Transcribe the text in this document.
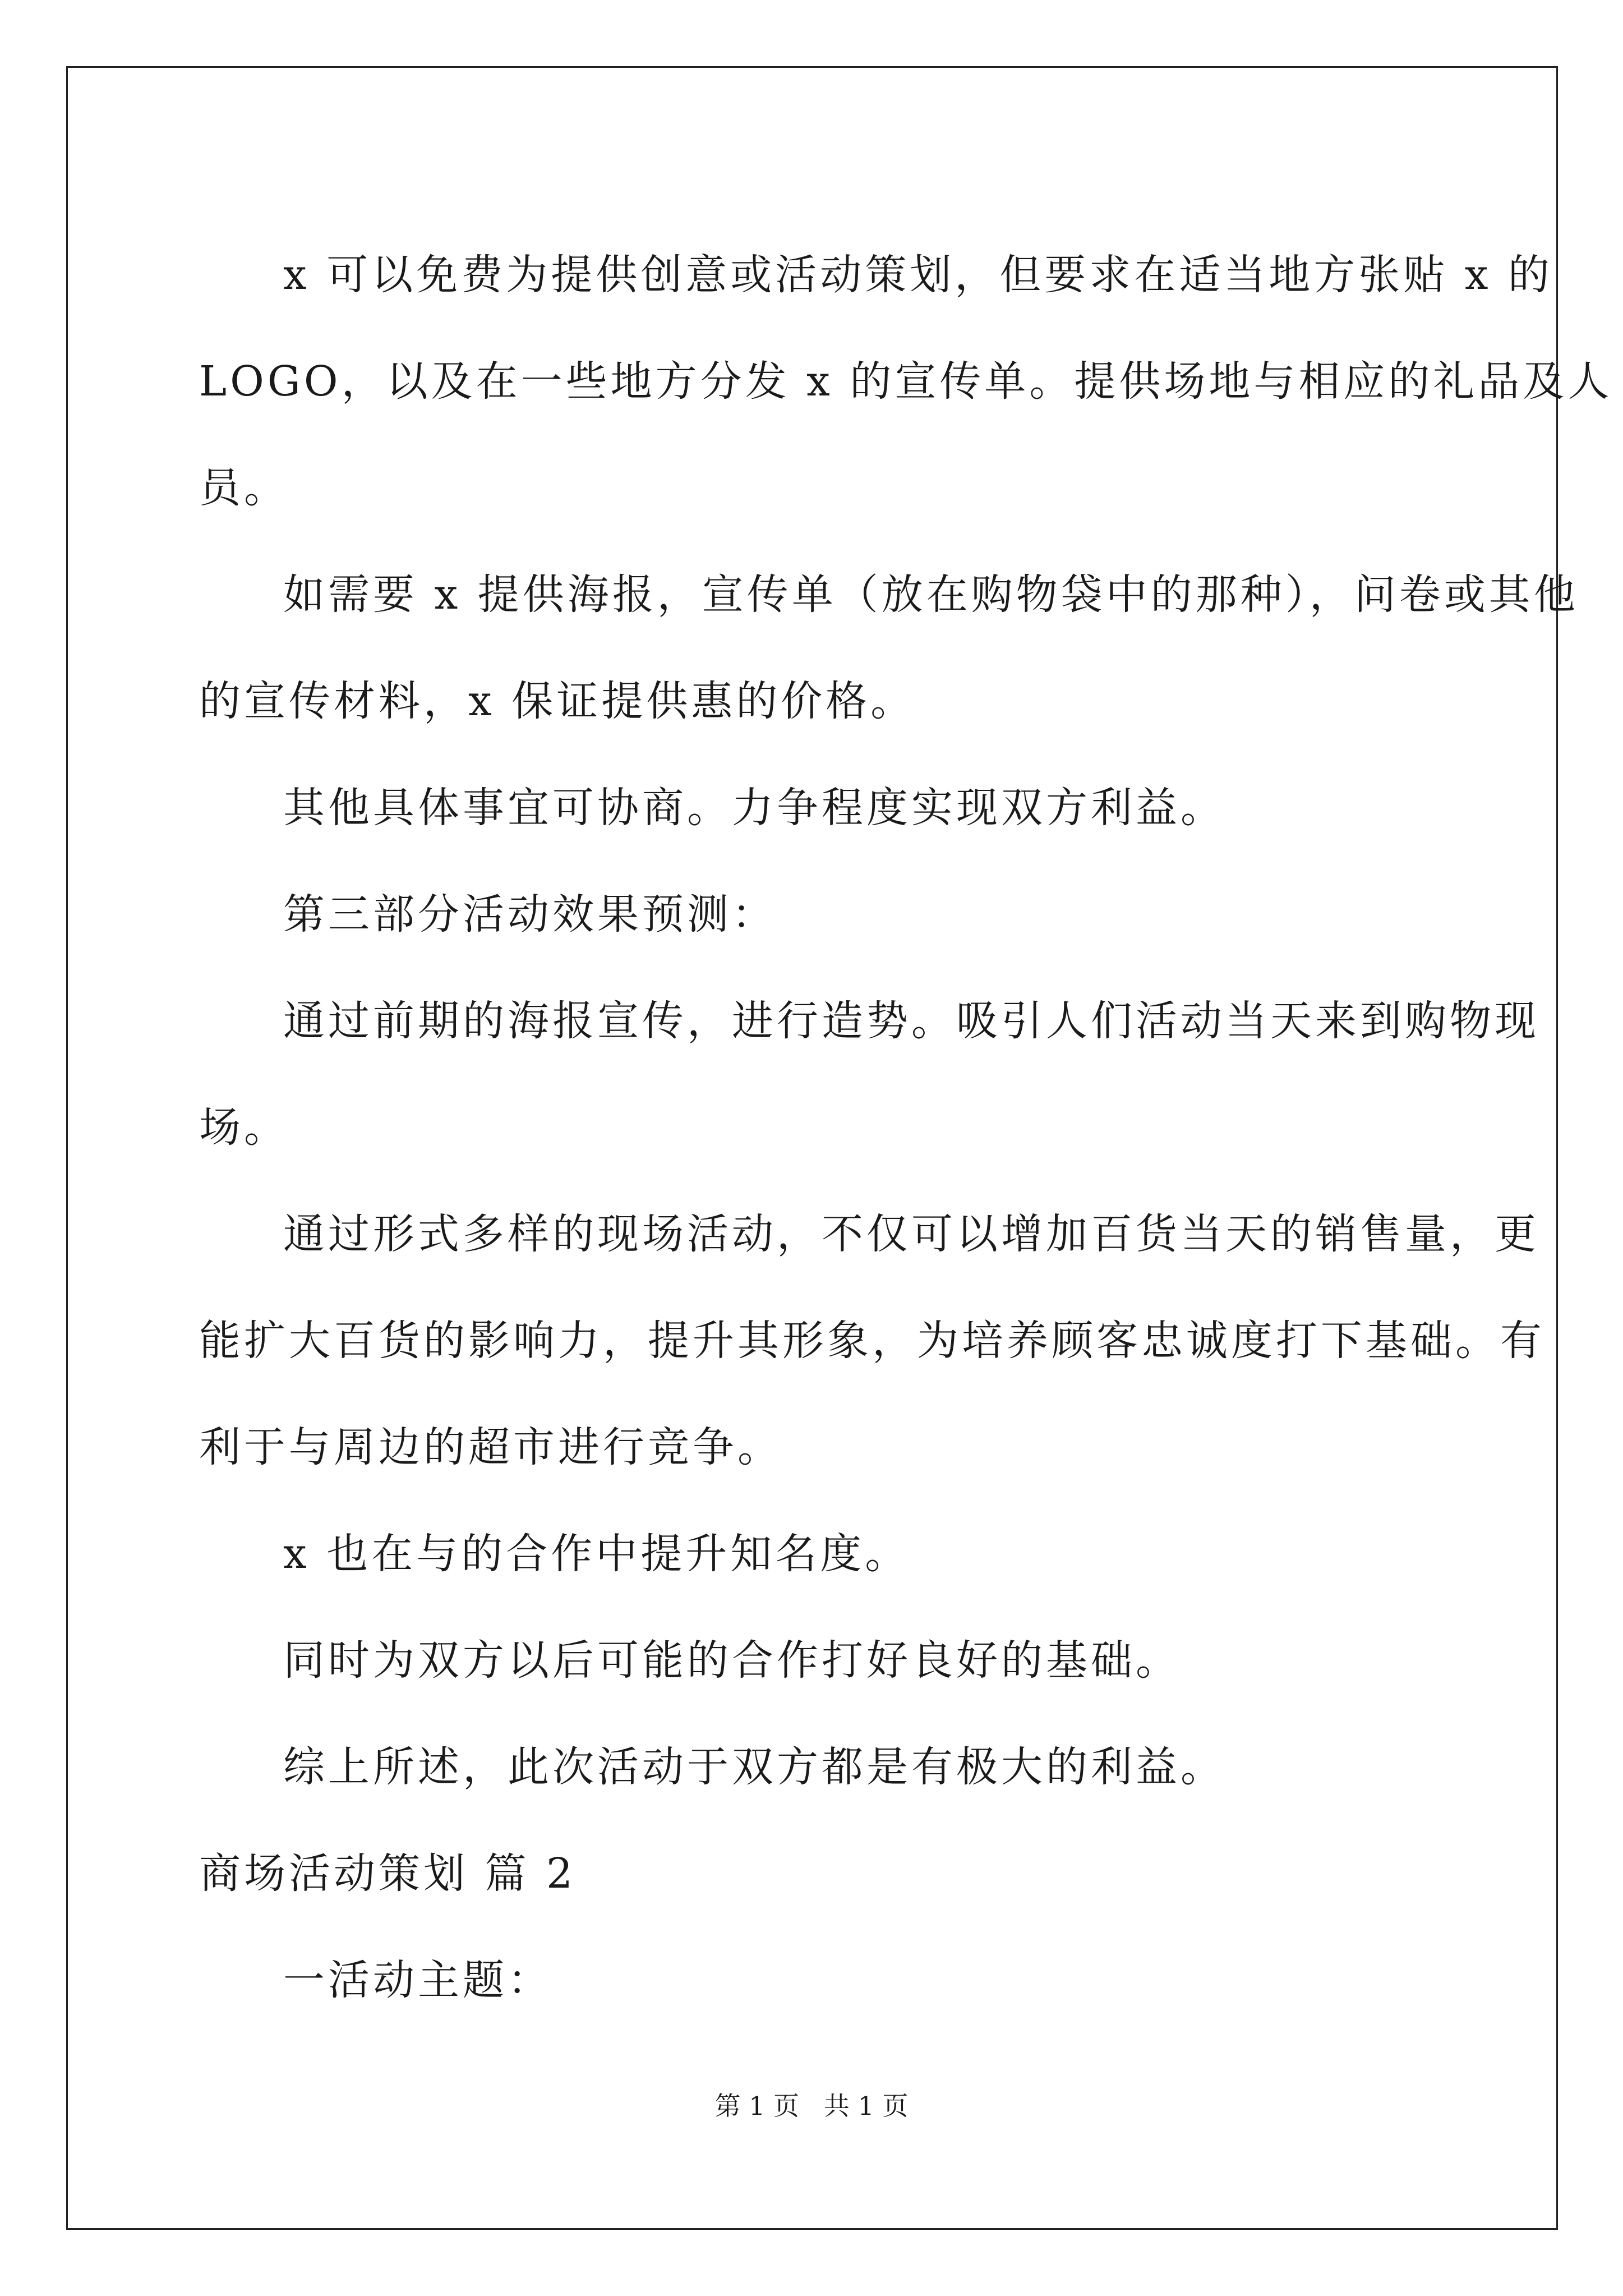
x 可以免费为提供创意或活动策划，但要求在适当地方张贴 x 的
LOGO，以及在一些地方分发 x 的宣传单。提供场地与相应的礼品及人
员。
如需要 x 提供海报，宣传单（放在购物袋中的那种），问卷或其他
的宣传材料，x 保证提供惠的价格。
其他具体事宜可协商。力争程度实现双方利益。
第三部分活动效果预测：
通过前期的海报宣传，进行造势。吸引人们活动当天来到购物现
场。
通过形式多样的现场活动，不仅可以增加百货当天的销售量，更
能扩大百货的影响力，提升其形象，为培养顾客忠诚度打下基础。有
利于与周边的超市进行竞争。
x 也在与的合作中提升知名度。
同时为双方以后可能的合作打好良好的基础。
综上所述，此次活动于双方都是有极大的利益。
商场活动策划 篇 2
一活动主题：
第 1 页   共 1 页
